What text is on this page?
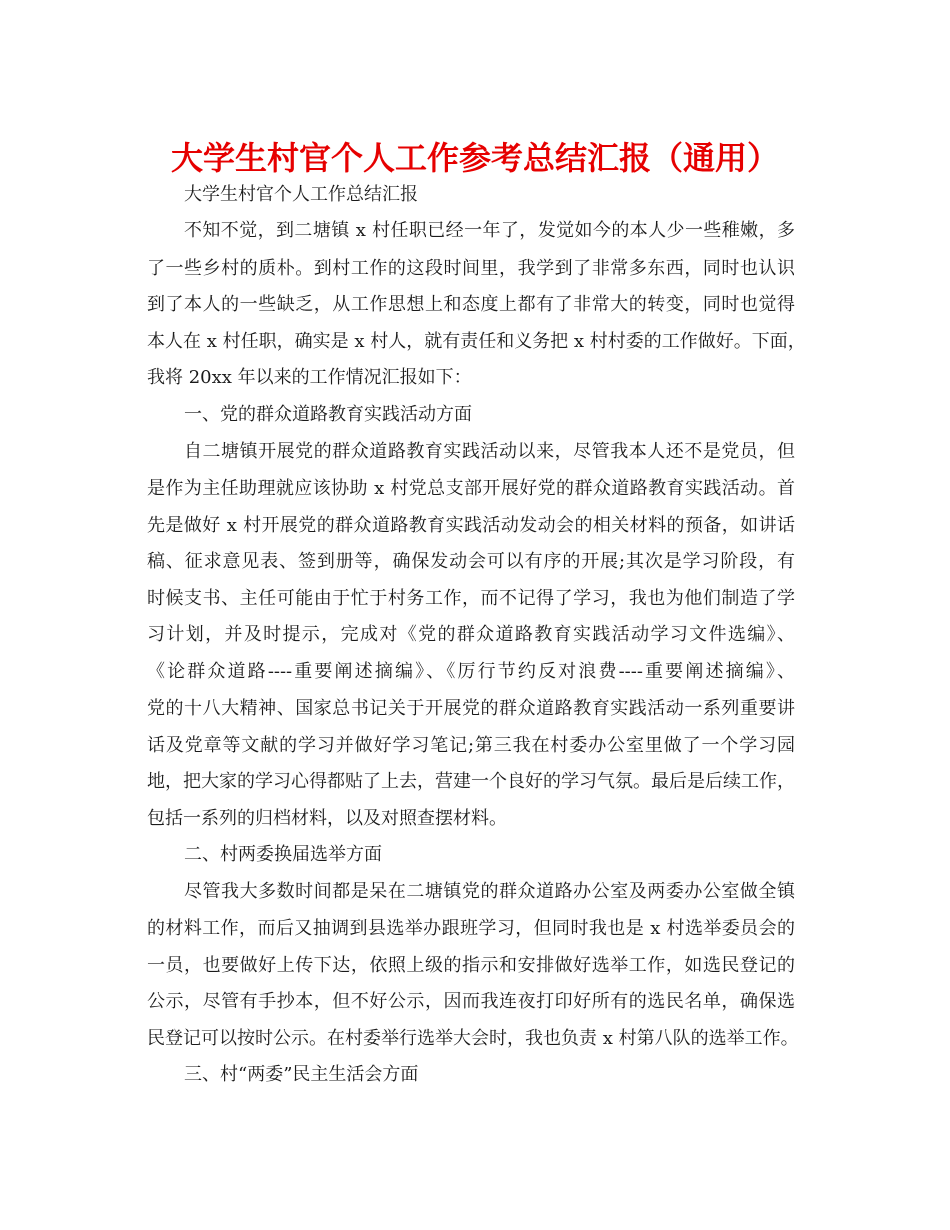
大学生村官个人工作参考总结汇报（通用）
大学生村官个人工作总结汇报
不知不觉，到二塘镇 x 村任职已经一年了，发觉如今的本人少一些稚嫩，多
了一些乡村的质朴。到村工作的这段时间里，我学到了非常多东西，同时也认识
到了本人的一些缺乏，从工作思想上和态度上都有了非常大的转变，同时也觉得
本人在 x 村任职，确实是 x 村人，就有责任和义务把 x 村村委的工作做好。下面，
我将 20xx 年以来的工作情况汇报如下：
一、党的群众道路教育实践活动方面
自二塘镇开展党的群众道路教育实践活动以来，尽管我本人还不是党员，但
是作为主任助理就应该协助 x 村党总支部开展好党的群众道路教育实践活动。首
先是做好 x 村开展党的群众道路教育实践活动发动会的相关材料的预备，如讲话
稿、征求意见表、签到册等，确保发动会可以有序的开展;其次是学习阶段，有
时候支书、主任可能由于忙于村务工作，而不记得了学习，我也为他们制造了学
习计划，并及时提示，完成对《党的群众道路教育实践活动学习文件选编》、
《论群众道路----重要阐述摘编》、《厉行节约反对浪费----重要阐述摘编》、
党的十八大精神、国家总书记关于开展党的群众道路教育实践活动一系列重要讲
话及党章等文献的学习并做好学习笔记;第三我在村委办公室里做了一个学习园
地，把大家的学习心得都贴了上去，营建一个良好的学习气氛。最后是后续工作，
包括一系列的归档材料，以及对照查摆材料。
二、村两委换届选举方面
尽管我大多数时间都是呆在二塘镇党的群众道路办公室及两委办公室做全镇
的材料工作，而后又抽调到县选举办跟班学习，但同时我也是 x 村选举委员会的
一员，也要做好上传下达，依照上级的指示和安排做好选举工作，如选民登记的
公示，尽管有手抄本，但不好公示，因而我连夜打印好所有的选民名单，确保选
民登记可以按时公示。在村委举行选举大会时，我也负责 x 村第八队的选举工作。
三、村“两委”民主生活会方面
